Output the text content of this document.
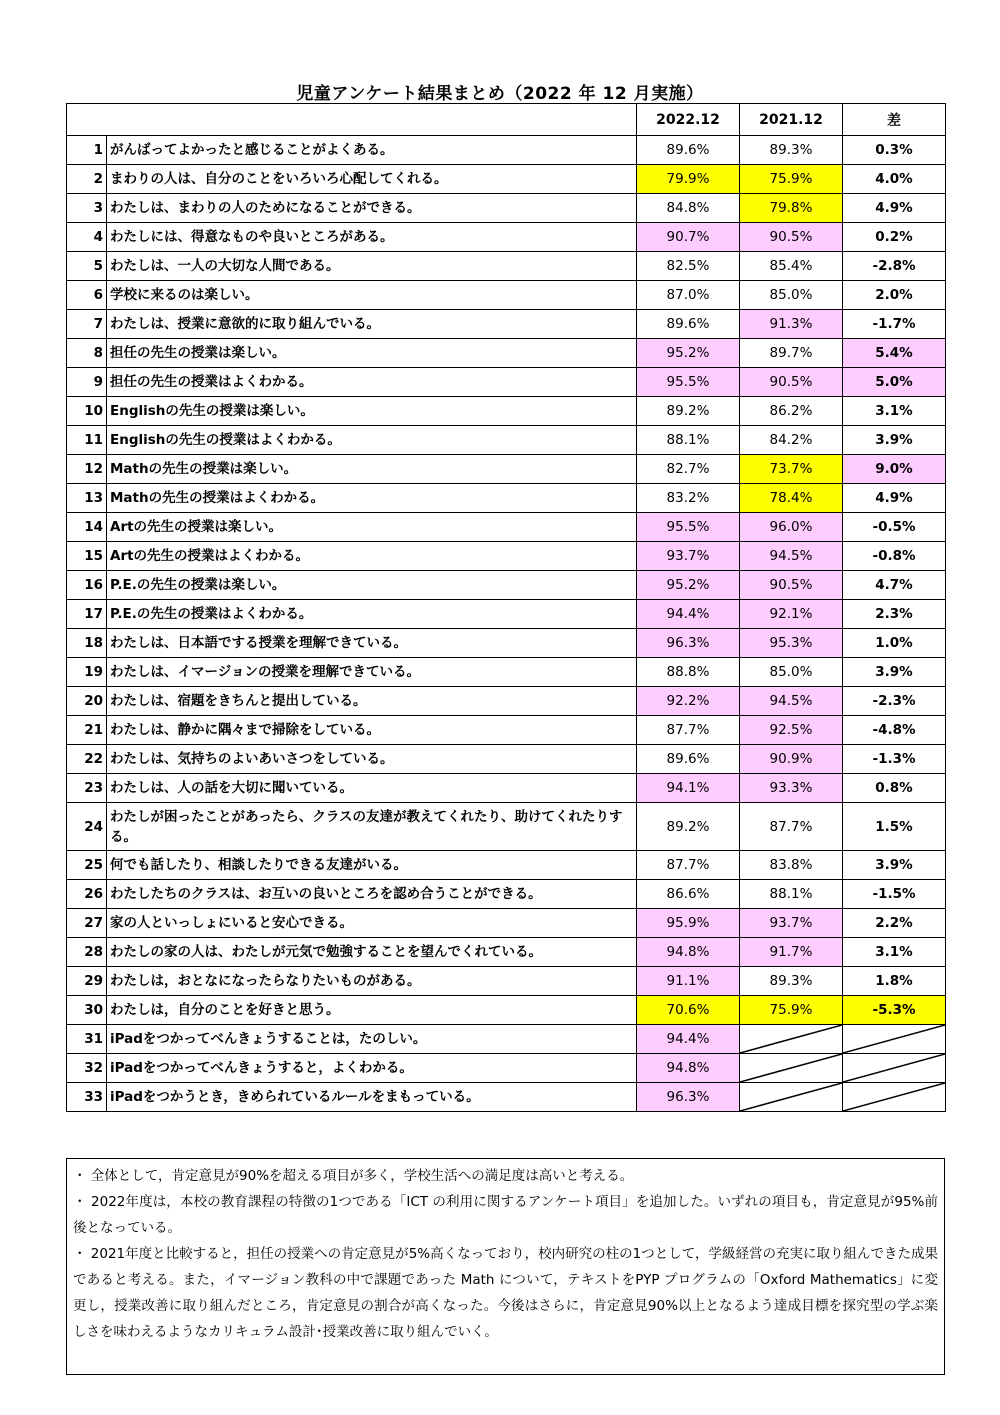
児童アンケート結果まとめ（2022 年 12 月実施）
		2022.12	2021.12	差
1	がんばってよかったと感じることがよくある。	89.6%	89.3%	0.3%
2	まわりの人は、自分のことをいろいろ心配してくれる。	79.9%	75.9%	4.0%
3	わたしは、まわりの人のためになることができる。	84.8%	79.8%	4.9%
4	わたしには、得意なものや良いところがある。	90.7%	90.5%	0.2%
5	わたしは、一人の大切な人間である。	82.5%	85.4%	-2.8%
6	学校に来るのは楽しい。	87.0%	85.0%	2.0%
7	わたしは、授業に意欲的に取り組んでいる。	89.6%	91.3%	-1.7%
8	担任の先生の授業は楽しい。	95.2%	89.7%	5.4%
9	担任の先生の授業はよくわかる。	95.5%	90.5%	5.0%
10	Englishの先生の授業は楽しい。	89.2%	86.2%	3.1%
11	Englishの先生の授業はよくわかる。	88.1%	84.2%	3.9%
12	Mathの先生の授業は楽しい。	82.7%	73.7%	9.0%
13	Mathの先生の授業はよくわかる。	83.2%	78.4%	4.9%
14	Artの先生の授業は楽しい。	95.5%	96.0%	-0.5%
15	Artの先生の授業はよくわかる。	93.7%	94.5%	-0.8%
16	P.E.の先生の授業は楽しい。	95.2%	90.5%	4.7%
17	P.E.の先生の授業はよくわかる。	94.4%	92.1%	2.3%
18	わたしは、日本語でする授業を理解できている。	96.3%	95.3%	1.0%
19	わたしは、イマージョンの授業を理解できている。	88.8%	85.0%	3.9%
20	わたしは、宿題をきちんと提出している。	92.2%	94.5%	-2.3%
21	わたしは、静かに隅々まで掃除をしている。	87.7%	92.5%	-4.8%
22	わたしは、気持ちのよいあいさつをしている。	89.6%	90.9%	-1.3%
23	わたしは、人の話を大切に聞いている。	94.1%	93.3%	0.8%
24	わたしが困ったことがあったら、クラスの友達が教えてくれたり、助けてくれたりする。	89.2%	87.7%	1.5%
25	何でも話したり、相談したりできる友達がいる。	87.7%	83.8%	3.9%
26	わたしたちのクラスは、お互いの良いところを認め合うことができる。	86.6%	88.1%	-1.5%
27	家の人といっしょにいると安心できる。	95.9%	93.7%	2.2%
28	わたしの家の人は、わたしが元気で勉強することを望んでくれている。	94.8%	91.7%	3.1%
29	わたしは，おとなになったらなりたいものがある。	91.1%	89.3%	1.8%
30	わたしは，自分のことを好きと思う。	70.6%	75.9%	-5.3%
31	iPadをつかってべんきょうすることは，たのしい。	94.4%	

32	iPadをつかってべんきょうすると，よくわかる。	94.8%	

33	iPadをつかうとき，きめられているルールをまもっている。	96.3%	

・ 全体として，肯定意見が90%を超える項目が多く，学校生活への満足度は高いと考える。

・ 2022年度は，本校の教育課程の特徴の1つである「ICT の利用に関するアンケート項目」を追加した。いずれの項目も，肯定意見が95%前後となっている。

・ 2021年度と比較すると，担任の授業への肯定意見が5%高くなっており，校内研究の柱の1つとして，学級経営の充実に取り組んできた成果であると考える。また，イマージョン教科の中で課題であった Math について，テキストをPYP プログラムの「Oxford Mathematics」に変更し，授業改善に取り組んだところ，肯定意見の割合が高くなった。今後はさらに，肯定意見90%以上となるよう達成目標を探究型の学ぶ楽しさを味わえるようなカリキュラム設計･授業改善に取り組んでいく。
